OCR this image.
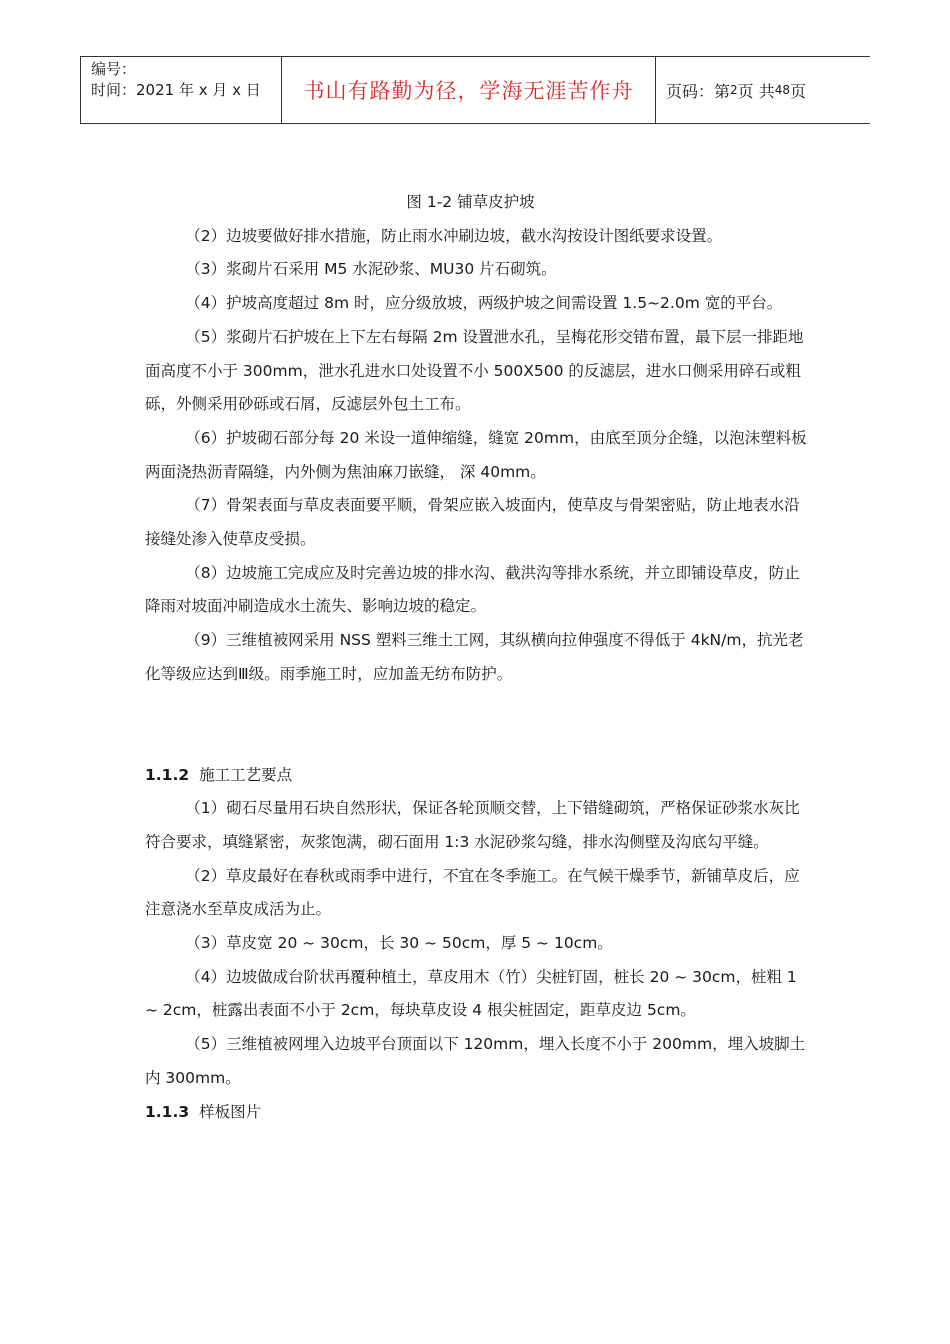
编号：
时间：2021 年 x 月 x 日	书山有路勤为径，学海无涯苦作舟	页码：第 2 页 共 48 页
图 1-2 铺草皮护坡

（2）边坡要做好排水措施，防止雨水冲刷边坡，截水沟按设计图纸要求设置。

（3）浆砌片石采用 M5 水泥砂浆、MU30 片石砌筑。

（4）护坡高度超过 8m 时，应分级放坡，两级护坡之间需设置 1.5~2.0m 宽的平台。

（5）浆砌片石护坡在上下左右每隔 2m 设置泄水孔，呈梅花形交错布置，最下层一排距地面高度不小于 300mm，泄水孔进水口处设置不小 500X500 的反滤层，进水口侧采用碎石或粗砾，外侧采用砂砾或石屑，反滤层外包土工布。

（6）护坡砌石部分每 20 米设一道伸缩缝，缝宽 20mm，由底至顶分企缝，以泡沫塑料板两面浇热沥青隔缝，内外侧为焦油麻刀嵌缝， 深 40mm。

（7）骨架表面与草皮表面要平顺，骨架应嵌入坡面内，使草皮与骨架密贴，防止地表水沿接缝处渗入使草皮受损。

（8）边坡施工完成应及时完善边坡的排水沟、截洪沟等排水系统，并立即铺设草皮，防止降雨对坡面冲刷造成水土流失、影响边坡的稳定。

（9）三维植被网采用 NSS 塑料三维土工网，其纵横向拉伸强度不得低于 4kN/m，抗光老化等级应达到Ⅲ级。雨季施工时，应加盖无纺布防护。

1.1.2 施工工艺要点

（1）砌石尽量用石块自然形状，保证各轮顶顺交替，上下错缝砌筑，严格保证砂浆水灰比符合要求，填缝紧密，灰浆饱满，砌石面用 1:3 水泥砂浆勾缝，排水沟侧壁及沟底勾平缝。

（2）草皮最好在春秋或雨季中进行，不宜在冬季施工。在气候干燥季节，新铺草皮后，应注意浇水至草皮成活为止。

（3）草皮宽 20 ~ 30cm，长 30 ~ 50cm，厚 5 ~ 10cm。

（4）边坡做成台阶状再覆种植土，草皮用木（竹）尖桩钉固，桩长 20 ~ 30cm，桩粗 1 ~ 2cm，桩露出表面不小于 2cm，每块草皮设 4 根尖桩固定，距草皮边 5cm。

（5）三维植被网埋入边坡平台顶面以下 120mm，埋入长度不小于 200mm，埋入坡脚土内 300mm。

1.1.3 样板图片
